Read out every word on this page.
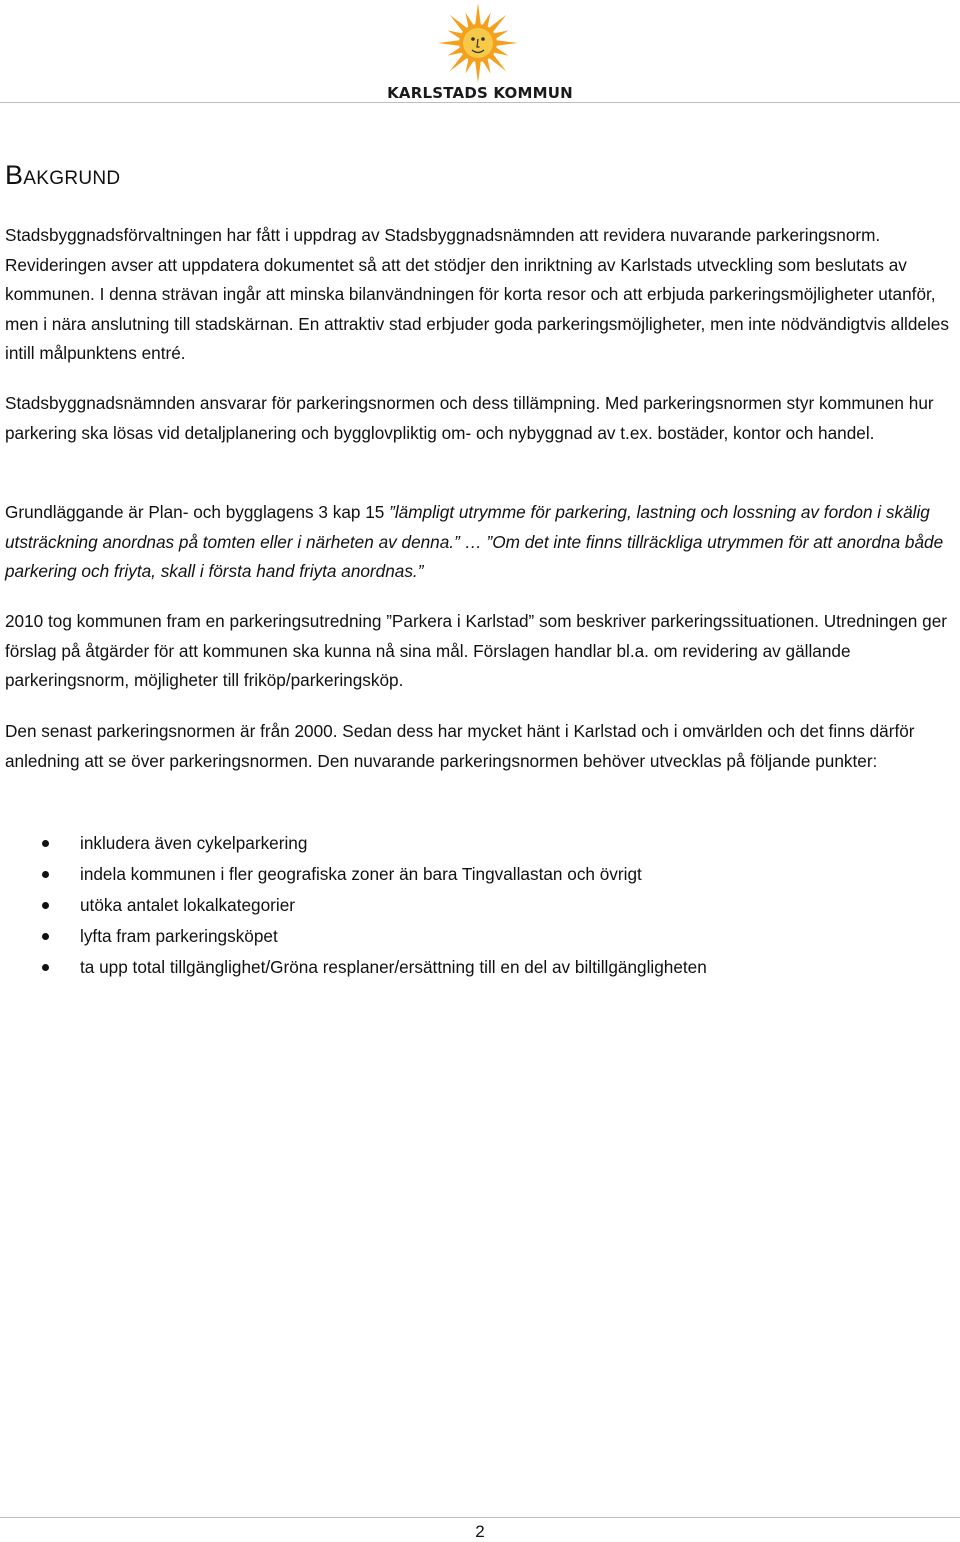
KARLSTADS KOMMUN
Bakgrund

Stadsbyggnadsförvaltningen har fått i uppdrag av Stadsbyggnadsnämnden att revidera nuvarande parkeringsnorm. Revideringen avser att uppdatera dokumentet så att det stödjer den inriktning av Karlstads utveckling som beslutats av kommunen. I denna strävan ingår att minska bilanvändningen för korta resor och att erbjuda parkeringsmöjligheter utanför, men i nära anslutning till stadskärnan. En attraktiv stad erbjuder goda parkeringsmöjligheter, men inte nödvändigtvis alldeles intill målpunktens entré.

Stadsbyggnadsnämnden ansvarar för parkeringsnormen och dess tillämpning. Med parkeringsnormen styr kommunen hur parkering ska lösas vid detaljplanering och bygglovpliktig om- och nybyggnad av t.ex. bostäder, kontor och handel.

Grundläggande är Plan- och bygglagens 3 kap 15 ”lämpligt utrymme för parkering, lastning och lossning av fordon i skälig utsträckning anordnas på tomten eller i närheten av denna.” … ”Om det inte finns tillräckliga utrymmen för att anordna både parkering och friyta, skall i första hand friyta anordnas.”

2010 tog kommunen fram en parkeringsutredning ”Parkera i Karlstad” som beskriver parkeringssituationen. Utredningen ger förslag på åtgärder för att kommunen ska kunna nå sina mål. Förslagen handlar bl.a. om revidering av gällande parkeringsnorm, möjligheter till friköp/parkeringsköp.

Den senast parkeringsnormen är från 2000. Sedan dess har mycket hänt i Karlstad och i omvärlden och det finns därför anledning att se över parkeringsnormen. Den nuvarande parkeringsnormen behöver utvecklas på följande punkter:

inkludera även cykelparkering
indela kommunen i fler geografiska zoner än bara Tingvallastan och övrigt
utöka antalet lokalkategorier
lyfta fram parkeringsköpet
ta upp total tillgänglighet/Gröna resplaner/ersättning till en del av biltillgängligheten
2
